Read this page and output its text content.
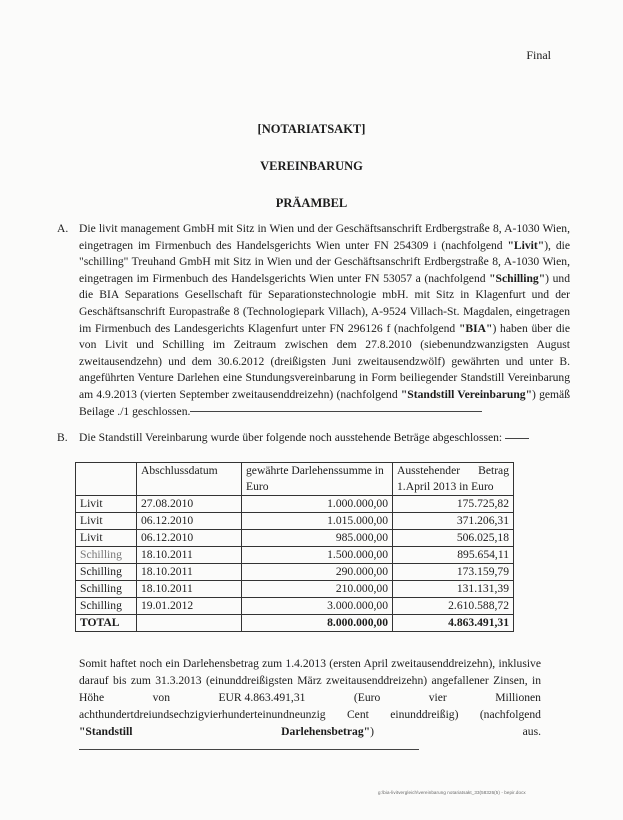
Final
[NOTARIATSAKT]
VEREINBARUNG
PRÄAMBEL
A. Die livit management GmbH mit Sitz in Wien und der Geschäftsanschrift Erdbergstraße 8, A-1030 Wien, eingetragen im Firmenbuch des Handelsgerichts Wien unter FN 254309 i (nachfolgend "Livit"), die "schilling" Treuhand GmbH mit Sitz in Wien und der Geschäftsanschrift Erdbergstraße 8, A-1030 Wien, eingetragen im Firmenbuch des Handelsgerichts Wien unter FN 53057 a (nachfolgend "Schilling") und die BIA Separations Gesellschaft für Separationstechnologie mbH. mit Sitz in Klagenfurt und der Geschäftsanschrift Europastraße 8 (Technologiepark Villach), A-9524 Villach-St. Magdalen, eingetragen im Firmenbuch des Landesgerichts Klagenfurt unter FN 296126 f (nachfolgend "BIA") haben über die von Livit und Schilling im Zeitraum zwischen dem 27.8.2010 (siebenundzwanzigsten August zweitausendzehn) und dem 30.6.2012 (dreißigsten Juni zweitausendzwölf) gewährten und unter B. angeführten Venture Darlehen eine Stundungsvereinbarung in Form beiliegender Standstill Vereinbarung am 4.9.2013 (vierten September zweitausenddreizehn) (nachfolgend "Standstill Vereinbarung") gemäß Beilage ./1 geschlossen.
B. Die Standstill Vereinbarung wurde über folgende noch ausstehende Beträge abgeschlossen:
	Abschlussdatum	gewährte Darlehenssumme in Euro	Ausstehender Betrag
1.April 2013 in Euro

Livit	27.08.2010	1.000.000,00	175.725,82
Livit	06.12.2010	1.015.000,00	371.206,31
Livit	06.12.2010	985.000,00	506.025,18
Schilling	18.10.2011	1.500.000,00	895.654,11
Schilling	18.10.2011	290.000,00	173.159,79
Schilling	18.10.2011	210.000,00	131.131,39
Schilling	19.01.2012	3.000.000,00	2.610.588,72
TOTAL		8.000.000,00	4.863.491,31
Somit haftet noch ein Darlehensbetrag zum 1.4.2013 (ersten April zweitausenddreizehn), inklusive
darauf bis zum 31.3.2013 (einunddreißigsten März zweitausenddreizehn) angefallener Zinsen, in
Höhe	von	EUR 4.863.491,31	(Euro	vier	Millionen
achthundertdreiundsechzigvierhunderteinundneunzig Cent einunddreißig) (nachfolgend
"Standstill Darlehensbetrag") aus.
g:\bia-livitvergleich\vereinbarung notariatsakt_33(58326(5) - bepir.docx
